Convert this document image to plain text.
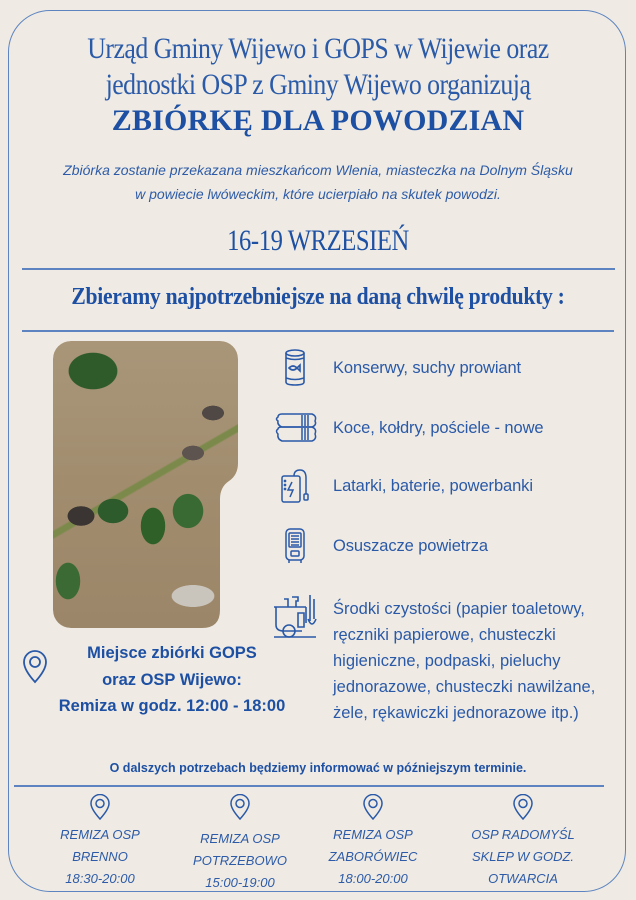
Urząd Gminy Wijewo i GOPS w Wijewie oraz
jednostki OSP z Gminy Wijewo organizują
ZBIÓRKĘ DLA POWODZIAN
Zbiórka zostanie przekazana mieszkańcom Wlenia, miasteczka na Dolnym Śląsku
w powiecie lwóweckim, które ucierpiało na skutek powodzi.
16-19 WRZESIEŃ
Zbieramy najpotrzebniejsze na daną chwilę produkty :
Konserwy, suchy prowiant
Koce, kołdry, pościele - nowe
Latarki, baterie, powerbanki
Osuszacze powietrza
Środki czystości (papier toaletowy,
ręczniki papierowe, chusteczki
higieniczne, podpaski, pieluchy
jednorazowe, chusteczki nawilżane,
żele, rękawiczki jednorazowe itp.)
Miejsce zbiórki GOPS
oraz OSP Wijewo:
Remiza w godz. 12:00 - 18:00
O dalszych potrzebach będziemy informować w późniejszym terminie.
REMIZA OSP
BRENNO
18:30-20:00
REMIZA OSP
POTRZEBOWO
15:00-19:00
REMIZA OSP
ZABORÓWIEC
18:00-20:00
OSP RADOMYŚL
SKLEP W GODZ.
OTWARCIA
